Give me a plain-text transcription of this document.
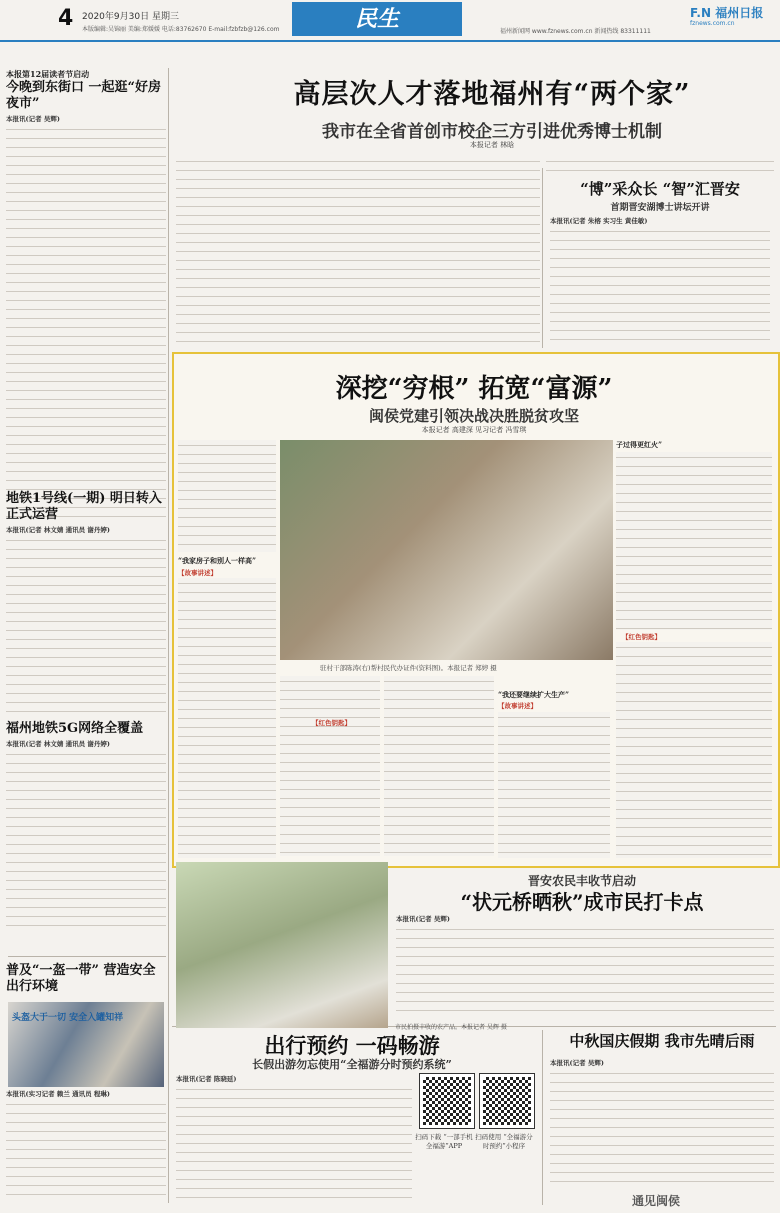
4 2020年9月30日 星期三
本版编辑:吴锦丽 美编:郑媛媛 电话:83762670 E-mail:fzbfzb@126.com	民生	福州新闻网 www.fznews.com.cn 新闻热线 83311111
F.N 福州日报
fznews.com.cn
本报第12届读者节启动
今晚到东街口 一起逛“好房夜市”
本报讯(记者 吴辉)
地铁1号线(一期) 明日转入正式运营
本报讯(记者 林文婧 通讯员 谢丹婷)
福州地铁5G网络全覆盖
本报讯(记者 林文婧 通讯员 谢丹婷)
普及“一盔一带” 营造安全出行环境
头盔大于一切 安全入罐知祥
本报讯(实习记者 赖兰 通讯员 程琳)
高层次人才落地福州有“两个家”
我市在全省首创市校企三方引进优秀博士机制
本报记者 林晗
“博”采众长 “智”汇晋安
首期晋安湖博士讲坛开讲
本报讯(记者 朱榕 实习生 黄佳敏)
深挖“穷根” 拓宽“富源”
闽侯党建引领决战决胜脱贫攻坚
本报记者 高建深 见习记者 冯雪琪
驻村干部陈涛(右)帮村民代办证件(资料图)。本报记者 郑婷 摄
“我家房子和别人一样高”
【故事讲述】
【红色钥匙】
“我还要继续扩大生产”
【故事讲述】
子过得更红火”
【红色钥匙】
晋安农民丰收节启动
“状元桥晒秋”成市民打卡点
本报讯(记者 吴辉)
市民拍摄丰收的农产品。本报记者 吴辉 摄
出行预约 一码畅游
长假出游勿忘使用“全福游分时预约系统”
本报讯(记者 陈晓延)
扫码下载 “一部手机全福游”APP
扫码使用 “全福游分时预约”小程序
中秋国庆假期 我市先晴后雨
本报讯(记者 吴辉)
通见闽侯
